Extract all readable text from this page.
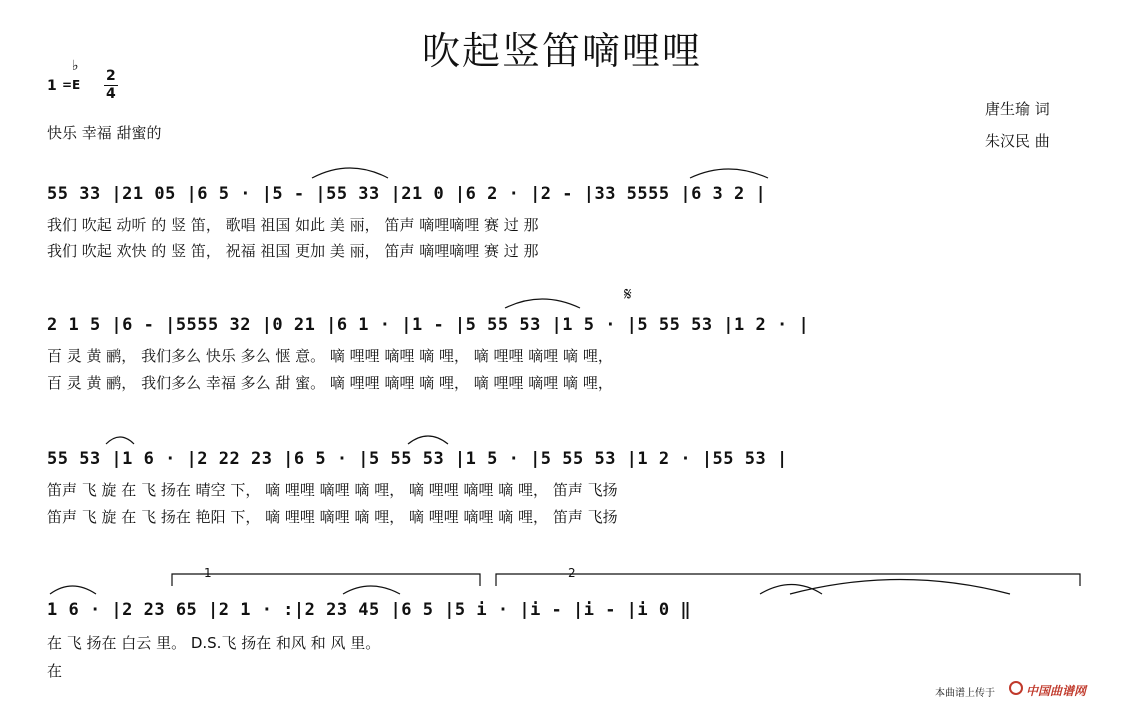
吹起竖笛嘀哩哩
♭
1 =E
2
4
快乐 幸福 甜蜜的
唐生瑜 词
朱汉民 曲
55 33 |21 05 |6 5 · |5 - |55 33 |21 0 |6 2 · |2 - |33 5555 |6 3 2 |
我们 吹起 动听 的 竖 笛， 歌唱 祖国 如此 美 丽， 笛声 嘀哩嘀哩 赛 过 那
我们 吹起 欢快 的 竖 笛， 祝福 祖国 更加 美 丽， 笛声 嘀哩嘀哩 赛 过 那
𝄋
2 1 5 |6 - |5555 32 |0 21 |6 1 · |1 - |5 55 53 |1 5 · |5 55 53 |1 2 · |
百 灵 黄 鹂， 我们多么 快乐 多么 惬 意。 嘀 哩哩 嘀哩 嘀 哩， 嘀 哩哩 嘀哩 嘀 哩，
百 灵 黄 鹂， 我们多么 幸福 多么 甜 蜜。 嘀 哩哩 嘀哩 嘀 哩， 嘀 哩哩 嘀哩 嘀 哩，
55 53 |1 6 · |2 22 23 |6 5 · |5 55 53 |1 5 · |5 55 53 |1 2 · |55 53 |
笛声 飞 旋 在 飞 扬在 晴空 下， 嘀 哩哩 嘀哩 嘀 哩， 嘀 哩哩 嘀哩 嘀 哩， 笛声 飞扬
笛声 飞 旋 在 飞 扬在 艳阳 下， 嘀 哩哩 嘀哩 嘀 哩， 嘀 哩哩 嘀哩 嘀 哩， 笛声 飞扬
1	2
1 6 · |2 23 65 |2 1 · :|2 23 45 |6 5 |5 i · |i - |i - |i 0 ‖
在 飞 扬在 白云 里。 D.S.飞 扬在 和风 和 风 里。
在
本曲谱上传于	中国曲谱网
